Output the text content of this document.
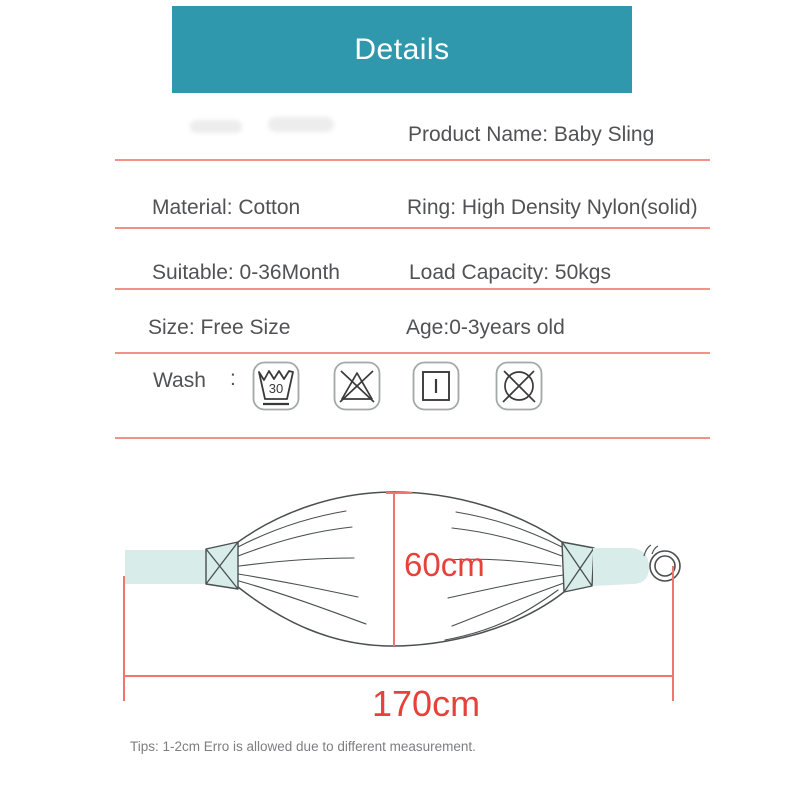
Details
Product Name: Baby Sling
Material: Cotton	Ring: High Density Nylon(solid)
Suitable: 0-36Month	Load Capacity: 50kgs
Size: Free Size	Age:0-3years old
Wash :	30
60cm
170cm
Tips: 1-2cm Erro is allowed due to different measurement.
